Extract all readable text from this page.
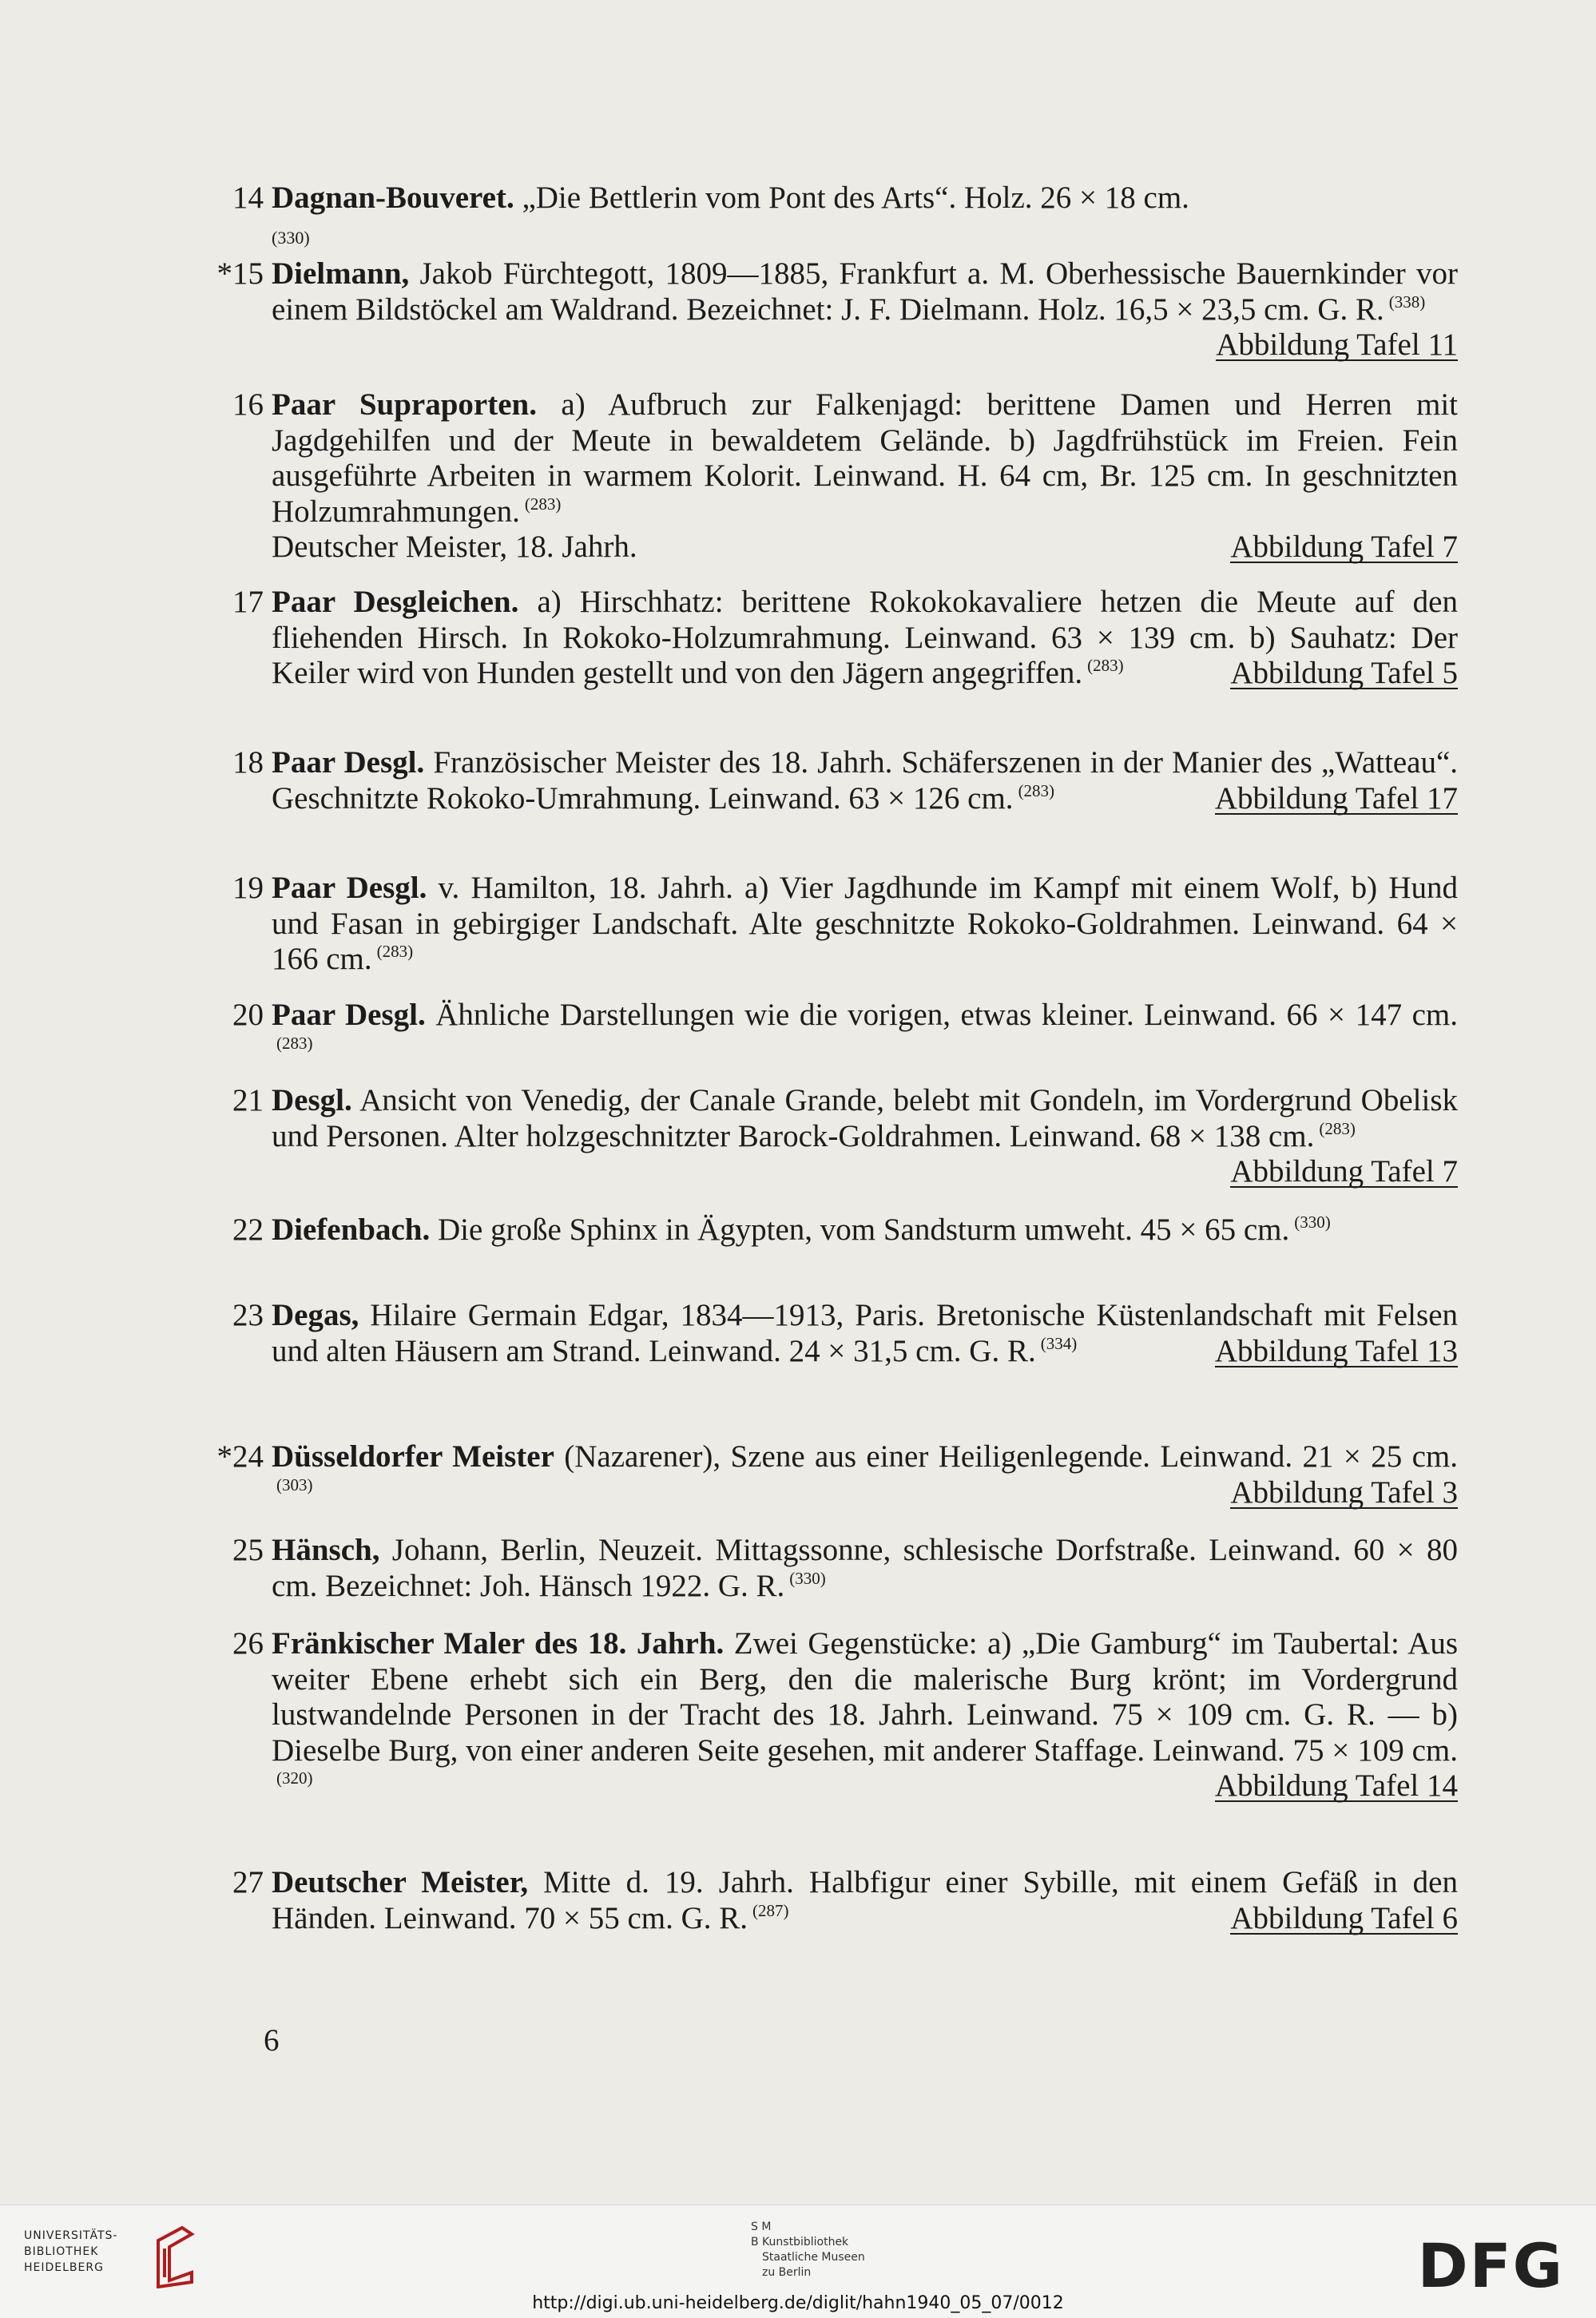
14 Dagnan-Bouveret. „Die Bettlerin vom Pont des Arts“. Holz. 26 × 18 cm.
(330)
*15 Dielmann, Jakob Fürchtegott, 1809—1885, Frankfurt a. M. Oberhessische Bauernkinder vor einem Bildstöckel am Waldrand. Bezeichnet: J. F. Dielmann. Holz. 16,5 × 23,5 cm. G. R. $^{(338)}$
Abbildung Tafel 11
16 Paar Supraporten. a) Aufbruch zur Falkenjagd: berittene Damen und Herren mit Jagdgehilfen und der Meute in bewaldetem Gelände. b) Jagdfrühstück im Freien. Fein ausgeführte Arbeiten in warmem Kolorit. Leinwand. H. 64 cm, Br. 125 cm. In geschnitzten Holzumrahmungen. $^{(283)}$
Deutscher Meister, 18. Jahrh.	Abbildung Tafel 7
17 Paar Desgleichen. a) Hirschhatz: berittene Rokokokavaliere hetzen die Meute auf den fliehenden Hirsch. In Rokoko-Holzumrahmung. Leinwand. 63 × 139 cm. b) Sauhatz: Der Keiler wird von Hunden gestellt und von den Jägern angegriffen. $^{(283)}$	Abbildung Tafel 5
18 Paar Desgl. Französischer Meister des 18. Jahrh. Schäferszenen in der Manier des „Watteau“. Geschnitzte Rokoko-Umrahmung. Leinwand. 63 × 126 cm. $^{(283)}$	Abbildung Tafel 17
19 Paar Desgl. v. Hamilton, 18. Jahrh. a) Vier Jagdhunde im Kampf mit einem Wolf, b) Hund und Fasan in gebirgiger Landschaft. Alte geschnitzte Rokoko-Goldrahmen. Leinwand. 64 × 166 cm. $^{(283)}$
20 Paar Desgl. Ähnliche Darstellungen wie die vorigen, etwas kleiner. Leinwand. 66 × 147 cm.$^{(283)}$
21 Desgl. Ansicht von Venedig, der Canale Grande, belebt mit Gondeln, im Vordergrund Obelisk und Personen. Alter holzgeschnitzter Barock-Goldrahmen. Leinwand. 68 × 138 cm. $^{(283)}$
Abbildung Tafel 7
22 Diefenbach. Die große Sphinx in Ägypten, vom Sandsturm umweht. 45 × 65 cm. $^{(330)}$
23 Degas, Hilaire Germain Edgar, 1834—1913, Paris. Bretonische Küstenlandschaft mit Felsen und alten Häusern am Strand. Leinwand. 24 × 31,5 cm. G. R. $^{(334)}$	Abbildung Tafel 13
*24 Düsseldorfer Meister (Nazarener), Szene aus einer Heiligenlegende. Leinwand. 21 × 25 cm.$^{(303)}$	Abbildung Tafel 3
25 Hänsch, Johann, Berlin, Neuzeit. Mittagssonne, schlesische Dorfstraße. Leinwand. 60 × 80 cm. Bezeichnet: Joh. Hänsch 1922. G. R. $^{(330)}$
26 Fränkischer Maler des 18. Jahrh. Zwei Gegenstücke: a) „Die Gamburg“ im Taubertal: Aus weiter Ebene erhebt sich ein Berg, den die malerische Burg krönt; im Vordergrund lustwandelnde Personen in der Tracht des 18. Jahrh. Leinwand. 75 × 109 cm. G. R. — b) Dieselbe Burg, von einer anderen Seite gesehen, mit anderer Staffage. Leinwand. 75 × 109 cm.$^{(320)}$	Abbildung Tafel 14
27 Deutscher Meister, Mitte d. 19. Jahrh. Halbfigur einer Sybille, mit einem Gefäß in den Händen. Leinwand. 70 × 55 cm. G. R. $^{(287)}$	Abbildung Tafel 6
6
UNIVERSITÄTS-
BIBLIOTHEK
HEIDELBERG
S M
B Kunstbibliothek
Staatliche Museen
zu Berlin	DFG
http://digi.ub.uni-heidelberg.de/diglit/hahn1940_05_07/0012
